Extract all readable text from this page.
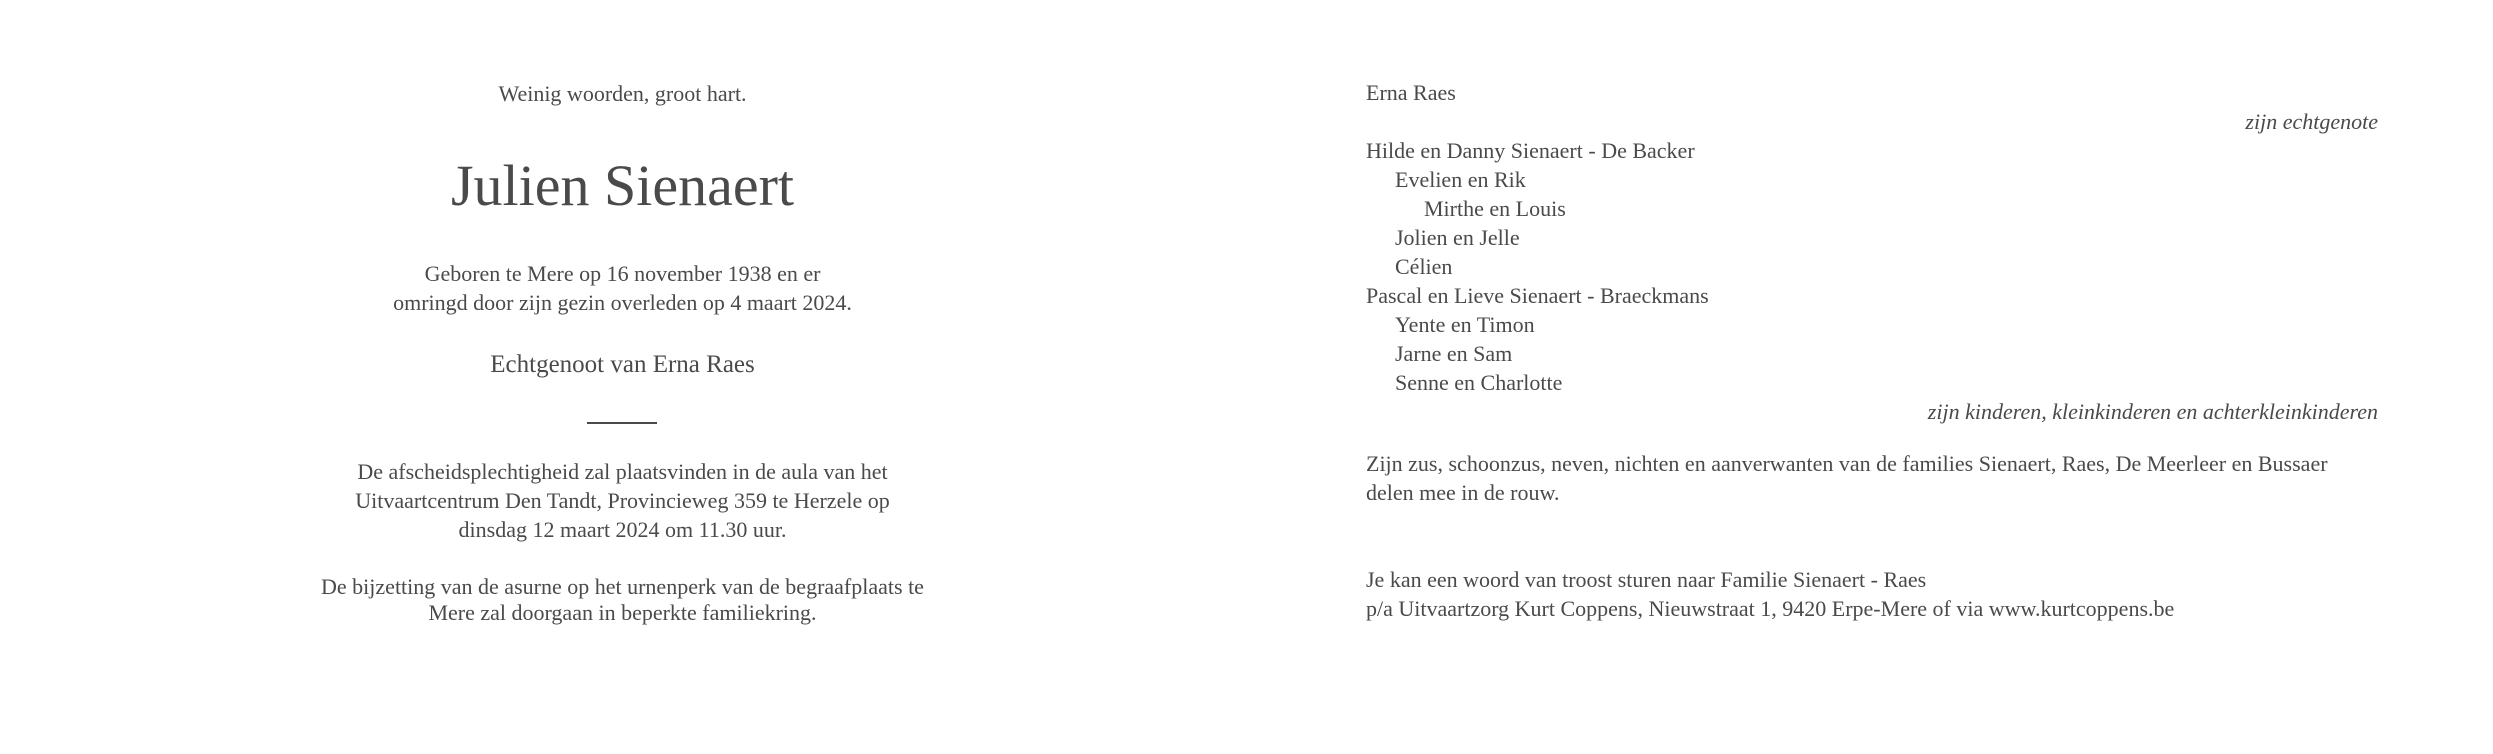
Weinig woorden, groot hart.
Julien Sienaert
Geboren te Mere op 16 november 1938 en er
omringd door zijn gezin overleden op 4 maart 2024.
Echtgenoot van Erna Raes
De afscheidsplechtigheid zal plaatsvinden in de aula van het
Uitvaartcentrum Den Tandt, Provincieweg 359 te Herzele op
dinsdag 12 maart 2024 om 11.30 uur.
De bijzetting van de asurne op het urnenperk van de begraafplaats te
Mere zal doorgaan in beperkte familiekring.
Erna Raes
zijn echtgenote
Hilde en Danny Sienaert - De Backer
Evelien en Rik
Mirthe en Louis
Jolien en Jelle
Célien
Pascal en Lieve Sienaert - Braeckmans
Yente en Timon
Jarne en Sam
Senne en Charlotte
zijn kinderen, kleinkinderen en achterkleinkinderen
Zijn zus, schoonzus, neven, nichten en aanverwanten van de families Sienaert, Raes, De Meerleer en Bussaer
delen mee in de rouw.
Je kan een woord van troost sturen naar Familie Sienaert - Raes
p/a Uitvaartzorg Kurt Coppens, Nieuwstraat 1, 9420 Erpe-Mere of via www.kurtcoppens.be
